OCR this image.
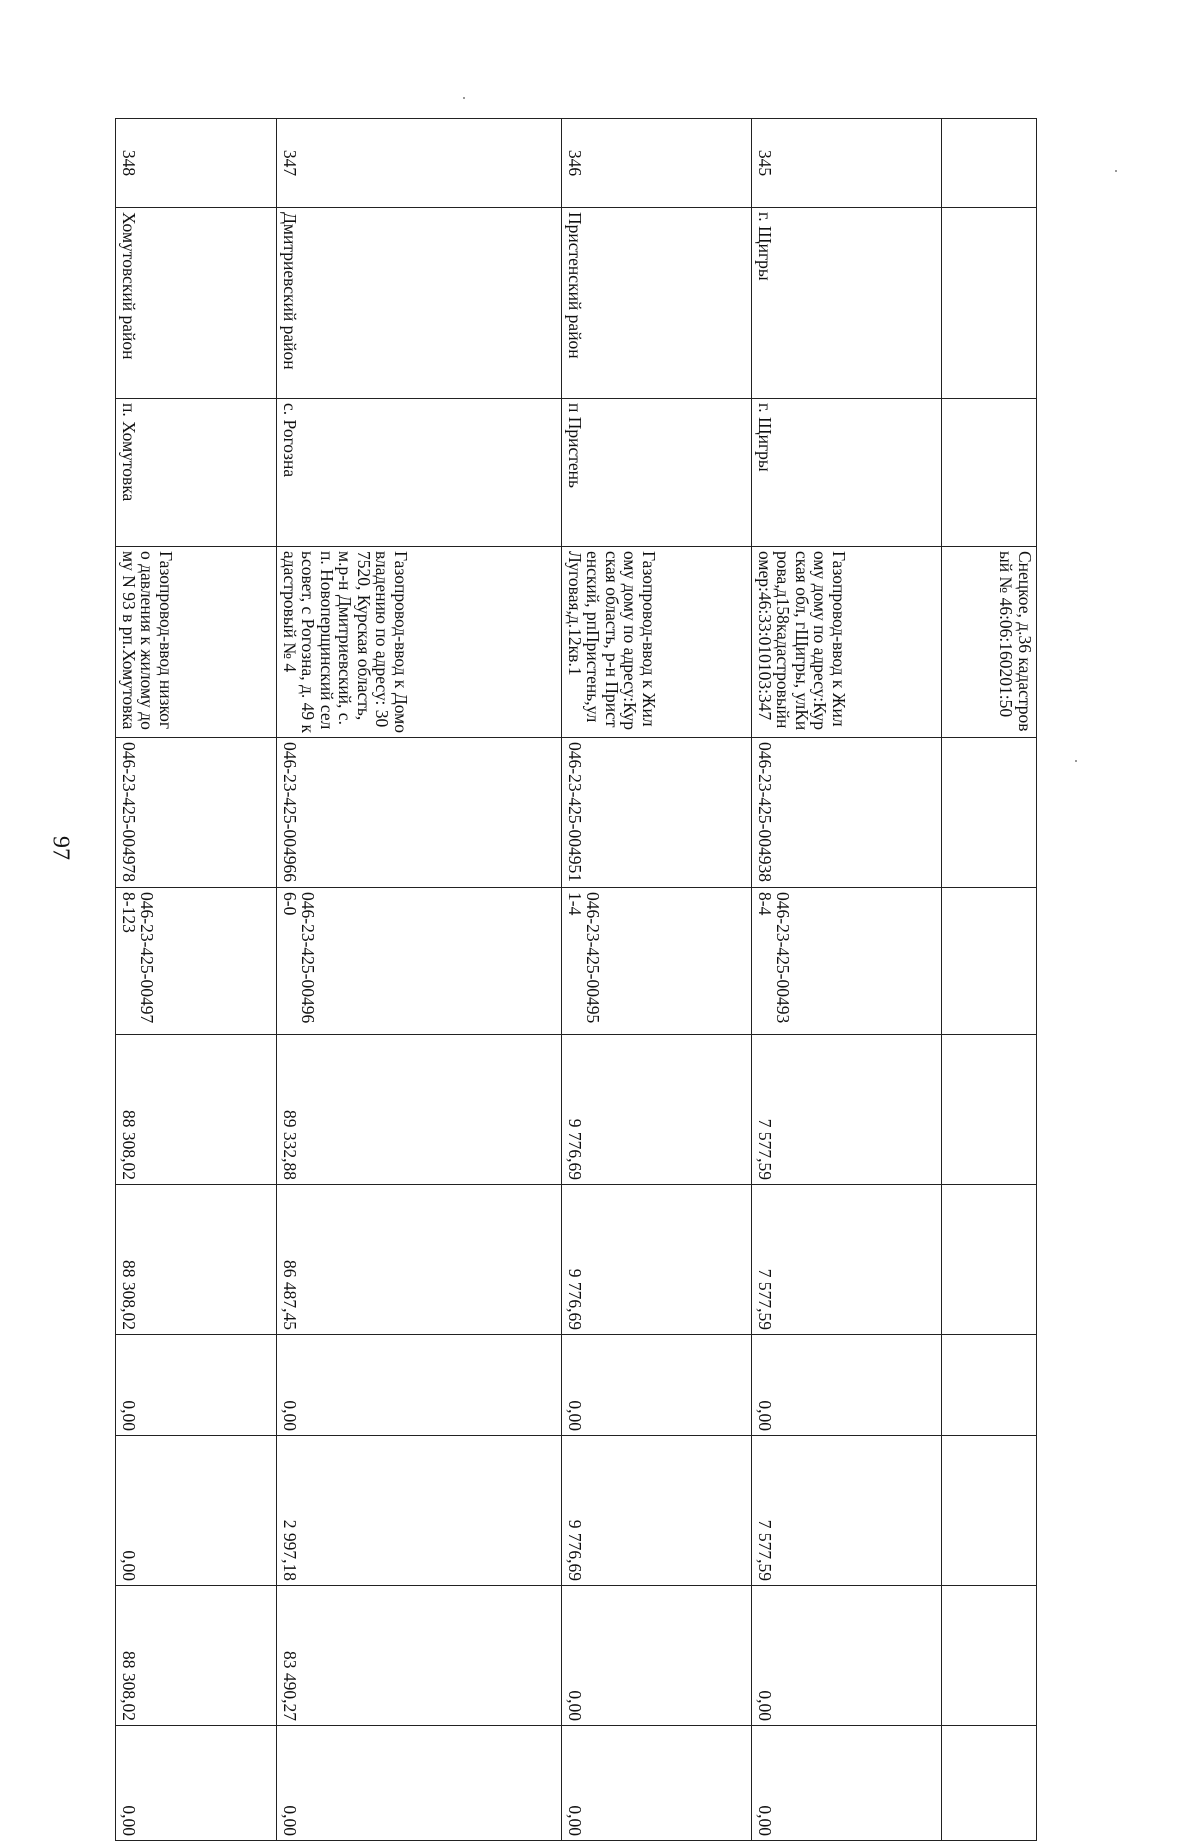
97
			Снецкое, д.36 кадастровый № 46:06:160201:50								
345	г. Щигры	г. Щигры	Газопровод-ввод к Жилому дому по адресу:Курская обл, гЩигры, улКирова,д158кадастровыйномер:46:33:010103:347	046-23-425-004938	046-23-425-004938-4	7 577,59	7 577,59	0,00	7 577,59	0,00	0,00
346	Пристенский район	п Пристень	Газопровод-ввод к Жилому дому по адресу:Курская область, р-н Пристенский, рпПристень,улЛуговая,д.12кв.1	046-23-425-004951	046-23-425-004951-4	9 776,69	9 776,69	0,00	9 776,69	0,00	0,00
347	Дмитриевский район	с. Рогозна	Газопровод-ввод к Домовладению по адресу: 307520, Курская область, м.р-н Дмитриевский, с.п. Новоперщинский сельсовет, с Рогозна, д. 49 кадастровый № 4	046-23-425-004966	046-23-425-004966-0	89 332,88	86 487,45	0,00	2 997,18	83 490,27	0,00
348	Хомутовский район	п. Хомутовка	Газопровод-ввод низкого давления к жилому дому N 93 в рп.Хомутовка	046-23-425-004978	046-23-425-004978-123	88 308,02	88 308,02	0,00	0,00	88 308,02	0,00
